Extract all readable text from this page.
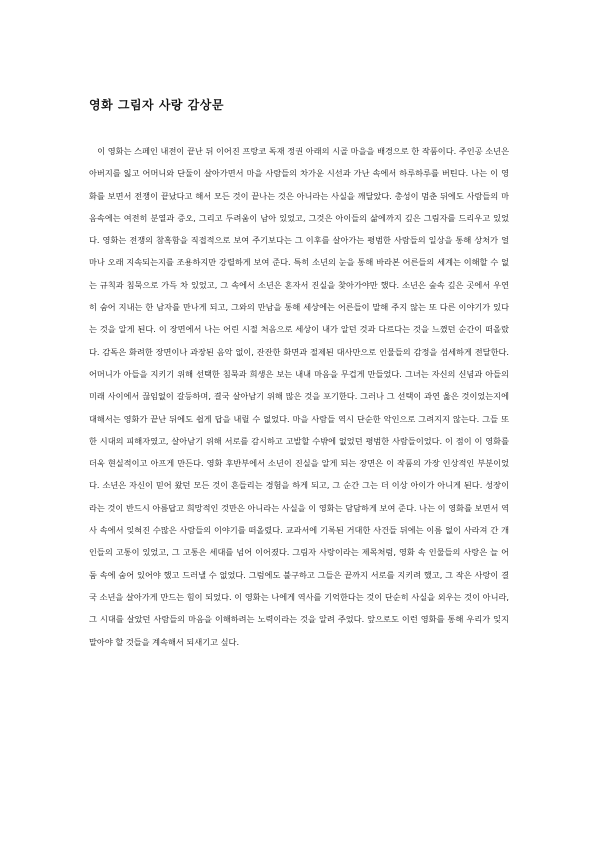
영화 그림자 사랑 감상문

이 영화는 스페인 내전이 끝난 뒤 이어진 프랑코 독재 정권 아래의 시골 마을을 배경으로 한 작품이다. 주인공 소년은 아버지를 잃고 어머니와 단둘이 살아가면서 마을 사람들의 차가운 시선과 가난 속에서 하루하루를 버틴다. 나는 이 영화를 보면서 전쟁이 끝났다고 해서 모든 것이 끝나는 것은 아니라는 사실을 깨달았다. 총성이 멈춘 뒤에도 사람들의 마음속에는 여전히 분열과 증오, 그리고 두려움이 남아 있었고, 그것은 아이들의 삶에까지 깊은 그림자를 드리우고 있었다. 영화는 전쟁의 참혹함을 직접적으로 보여 주기보다는 그 이후를 살아가는 평범한 사람들의 일상을 통해 상처가 얼마나 오래 지속되는지를 조용하지만 강렬하게 보여 준다. 특히 소년의 눈을 통해 바라본 어른들의 세계는 이해할 수 없는 규칙과 침묵으로 가득 차 있었고, 그 속에서 소년은 혼자서 진실을 찾아가야만 했다. 소년은 숲속 깊은 곳에서 우연히 숨어 지내는 한 남자를 만나게 되고, 그와의 만남을 통해 세상에는 어른들이 말해 주지 않는 또 다른 이야기가 있다는 것을 알게 된다. 이 장면에서 나는 어린 시절 처음으로 세상이 내가 알던 것과 다르다는 것을 느꼈던 순간이 떠올랐다. 감독은 화려한 장면이나 과장된 음악 없이, 잔잔한 화면과 절제된 대사만으로 인물들의 감정을 섬세하게 전달한다. 어머니가 아들을 지키기 위해 선택한 침묵과 희생은 보는 내내 마음을 무겁게 만들었다. 그녀는 자신의 신념과 아들의 미래 사이에서 끊임없이 갈등하며, 결국 살아남기 위해 많은 것을 포기한다. 그러나 그 선택이 과연 옳은 것이었는지에 대해서는 영화가 끝난 뒤에도 쉽게 답을 내릴 수 없었다. 마을 사람들 역시 단순한 악인으로 그려지지 않는다. 그들 또한 시대의 피해자였고, 살아남기 위해 서로를 감시하고 고발할 수밖에 없었던 평범한 사람들이었다. 이 점이 이 영화를 더욱 현실적이고 아프게 만든다. 영화 후반부에서 소년이 진실을 알게 되는 장면은 이 작품의 가장 인상적인 부분이었다. 소년은 자신이 믿어 왔던 모든 것이 흔들리는 경험을 하게 되고, 그 순간 그는 더 이상 아이가 아니게 된다. 성장이라는 것이 반드시 아름답고 희망적인 것만은 아니라는 사실을 이 영화는 담담하게 보여 준다. 나는 이 영화를 보면서 역사 속에서 잊혀진 수많은 사람들의 이야기를 떠올렸다. 교과서에 기록된 거대한 사건들 뒤에는 이름 없이 사라져 간 개인들의 고통이 있었고, 그 고통은 세대를 넘어 이어졌다. 그림자 사랑이라는 제목처럼, 영화 속 인물들의 사랑은 늘 어둠 속에 숨어 있어야 했고 드러낼 수 없었다. 그럼에도 불구하고 그들은 끝까지 서로를 지키려 했고, 그 작은 사랑이 결국 소년을 살아가게 만드는 힘이 되었다. 이 영화는 나에게 역사를 기억한다는 것이 단순히 사실을 외우는 것이 아니라, 그 시대를 살았던 사람들의 마음을 이해하려는 노력이라는 것을 알려 주었다. 앞으로도 이런 영화를 통해 우리가 잊지 말아야 할 것들을 계속해서 되새기고 싶다.
